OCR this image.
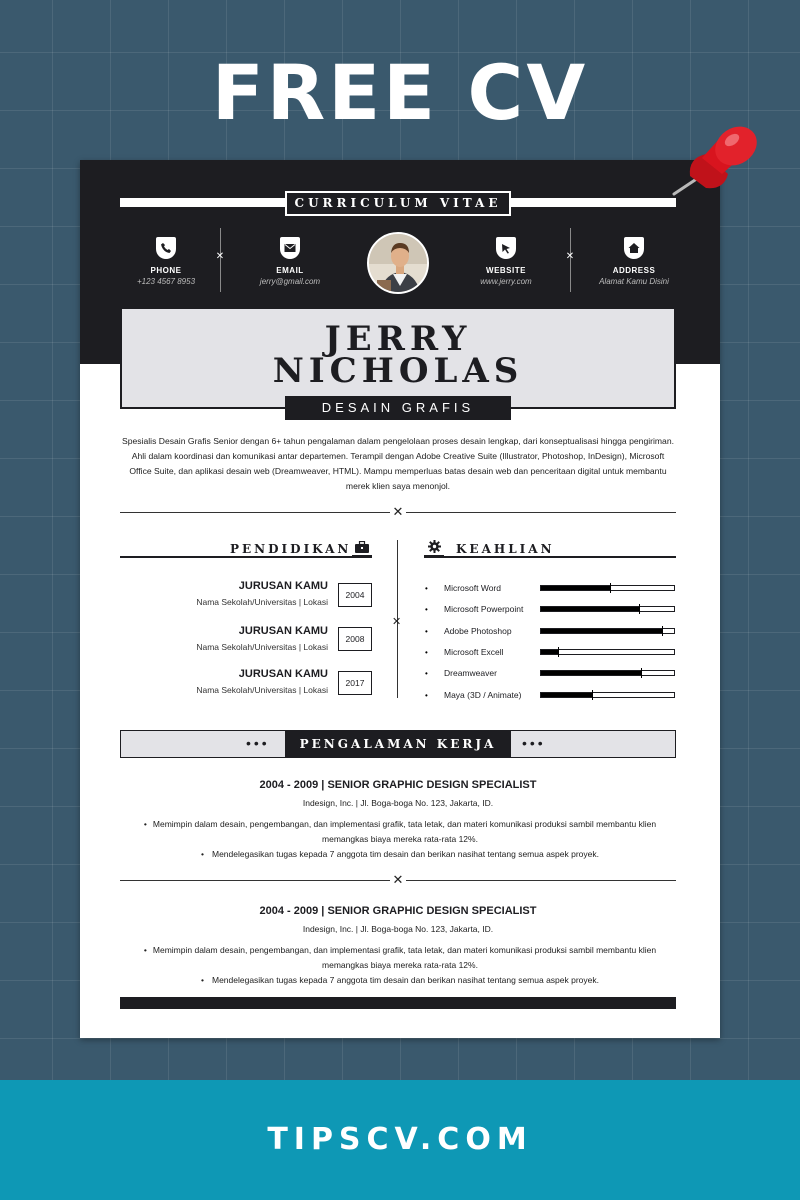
FREE CV
CURRICULUM VITAE
PHONE
+123 4567 8953
✕
EMAIL
jerry@gmail.com
WEBSITE
www.jerry.com
✕
ADDRESS
Alamat Kamu Disini
JERRY
NICHOLAS
DESAIN GRAFIS
Spesialis Desain Grafis Senior dengan 6+ tahun pengalaman dalam pengelolaan proses desain lengkap, dari konseptualisasi hingga pengiriman. Ahli dalam koordinasi dan komunikasi antar departemen. Terampil dengan Adobe Creative Suite (Illustrator, Photoshop, InDesign), Microsoft Office Suite, dan aplikasi desain web (Dreamweaver, HTML). Mampu memperluas batas desain web dan penceritaan digital untuk membantu merek klien saya menonjol.
✕
PENDIDIKAN
JURUSAN KAMU
Nama Sekolah/Universitas | Lokasi
2004
JURUSAN KAMU
Nama Sekolah/Universitas | Lokasi
2008
JURUSAN KAMU
Nama Sekolah/Universitas | Lokasi
2017
✕
KEAHLIAN
• Microsoft Word
• Microsoft Powerpoint
• Adobe Photoshop
• Microsoft Excell
• Dreamweaver
• Maya (3D / Animate)
•••	•••
PENGALAMAN KERJA
2004 - 2009 | SENIOR GRAPHIC DESIGN SPECIALIST
Indesign, Inc. | Jl. Boga-boga No. 123, Jakarta, ID.
• Memimpin dalam desain, pengembangan, dan implementasi grafik, tata letak, dan materi komunikasi produksi sambil membantu klien memangkas biaya mereka rata-rata 12%.
• Mendelegasikan tugas kepada 7 anggota tim desain dan berikan nasihat tentang semua aspek proyek.
✕
2004 - 2009 | SENIOR GRAPHIC DESIGN SPECIALIST
Indesign, Inc. | Jl. Boga-boga No. 123, Jakarta, ID.
• Memimpin dalam desain, pengembangan, dan implementasi grafik, tata letak, dan materi komunikasi produksi sambil membantu klien memangkas biaya mereka rata-rata 12%.
• Mendelegasikan tugas kepada 7 anggota tim desain dan berikan nasihat tentang semua aspek proyek.
TIPSCV.COM
